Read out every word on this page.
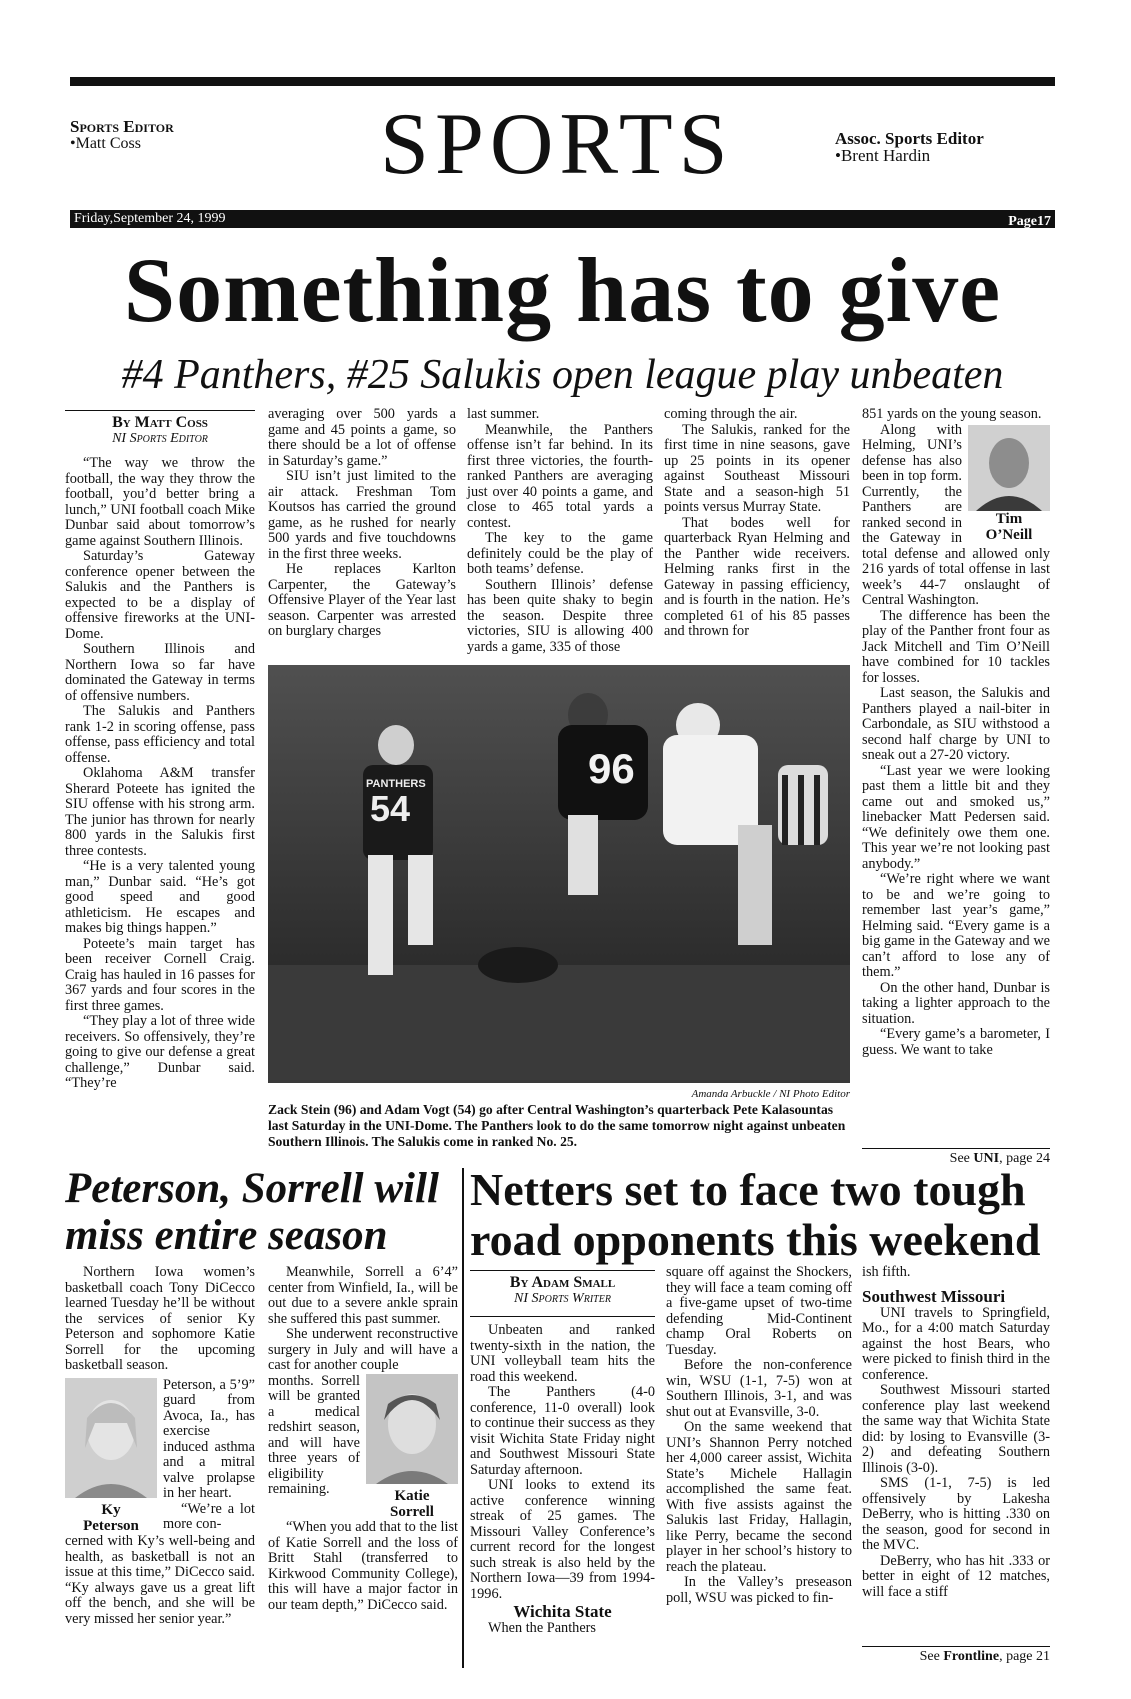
Sports Editor
•Matt Coss	SPORTS	Assoc. Sports Editor
•Brent Hardin
Friday,September 24, 1999	Page17
Something has to give
#4 Panthers, #25 Salukis open league play unbeaten
By Matt Coss
NI Sports Editor

“The way we throw the football, the way they throw the football, you’d better bring a lunch,” UNI football coach Mike Dunbar said about tomorrow’s game against Southern Illinois.

Saturday’s Gateway conference opener between the Salukis and the Panthers is expected to be a display of offensive fireworks at the UNI-Dome.

Southern Illinois and Northern Iowa so far have dominated the Gateway in terms of offensive numbers.

The Salukis and Panthers rank 1-2 in scoring offense, pass offense, pass efficiency and total offense.

Oklahoma A&M transfer Sherard Poteete has ignited the SIU offense with his strong arm. The junior has thrown for nearly 800 yards in the Salukis first three contests.

“He is a very talented young man,” Dunbar said. “He’s got good speed and good athleticism. He escapes and makes big things happen.”

Poteete’s main target has been receiver Cornell Craig. Craig has hauled in 16 passes for 367 yards and four scores in the first three games.

“They play a lot of three wide receivers. So offensively, they’re going to give our defense a great challenge,” Dunbar said. “They’re

averaging over 500 yards a game and 45 points a game, so there should be a lot of offense in Saturday’s game.”

SIU isn’t just limited to the air attack. Freshman Tom Koutsos has carried the ground game, as he rushed for nearly 500 yards and five touchdowns in the first three weeks.

He replaces Karlton Carpenter, the Gateway’s Offensive Player of the Year last season. Carpenter was arrested on burglary charges

last summer.

Meanwhile, the Panthers offense isn’t far behind. In its first three victories, the fourth-ranked Panthers are averaging just over 40 points a game, and close to 465 total yards a contest.

The key to the game definitely could be the play of both teams’ defense.

Southern Illinois’ defense has been quite shaky to begin the season. Despite three victories, SIU is allowing 400 yards a game, 335 of those

coming through the air.

The Salukis, ranked for the first time in nine seasons, gave up 25 points in its opener against Southeast Missouri State and a season-high 51 points versus Murray State.

That bodes well for quarterback Ryan Helming and the Panther wide receivers. Helming ranks first in the Gateway in passing efficiency, and is fourth in the nation. He’s completed 61 of his 85 passes and thrown for

851 yards on the young season.

Tim
O’Neill

Along with Helming, UNI’s defense has also been in top form. Currently, the Panthers are ranked second in the Gateway in total defense and allowed only 216 yards of total offense in last week’s 44-7 onslaught of Central Washington.

The difference has been the play of the Panther front four as Jack Mitchell and Tim O’Neill have combined for 10 tackles for losses.

Last season, the Salukis and Panthers played a nail-biter in Carbondale, as SIU withstood a second half charge by UNI to sneak out a 27-20 victory.

“Last year we were looking past them a little bit and they came out and smoked us,” linebacker Matt Pedersen said. “We definitely owe them one. This year we’re not looking past anybody.”

“We’re right where we want to be and we’re going to remember last year’s game,” Helming said. “Every game is a big game in the Gateway and we can’t afford to lose any of them.”

On the other hand, Dunbar is taking a lighter approach to the situation.

“Every game’s a barometer, I guess. We want to take

54
PANTHERS	96
Amanda Arbuckle / NI Photo Editor
Zack Stein (96) and Adam Vogt (54) go after Central Washington’s quarterback Pete Kalasountas last Saturday in the UNI-Dome. The Panthers look to do the same tomorrow night against unbeaten Southern Illinois. The Salukis come in ranked No. 25.
See UNI, page 24
Peterson, Sorrell will
miss entire season

Northern Iowa women’s basketball coach Tony DiCecco learned Tuesday he’ll be without the services of senior Ky Peterson and sophomore Katie Sorrell for the upcoming basketball season.

Ky
Peterson

Peterson, a 5’9” guard from Avoca, Ia., has exercise induced asthma and a mitral valve prolapse in her heart.

“We’re a lot more con-

cerned with Ky’s well-being and health, as basketball is not an issue at this time,” DiCecco said. “Ky always gave us a great lift off the bench, and she will be very missed her senior year.”

Meanwhile, Sorrell a 6’4” center from Winfield, Ia., will be out due to a severe ankle sprain she suffered this past summer.

She underwent reconstructive surgery in July and will have a cast for another couple

Katie
Sorrell

months. Sorrell will be granted a medical redshirt season, and will have three years of eligibility remaining.

“When you add that to the list of Katie Sorrell and the loss of Britt Stahl (transferred to Kirkwood Community College), this will have a major factor in our team depth,” DiCecco said.

Netters set to face two tough
road opponents this weekend
By Adam Small
NI Sports Writer

Unbeaten and ranked twenty-sixth in the nation, the UNI volleyball team hits the road this weekend.

The Panthers (4-0 conference, 11-0 overall) look to continue their success as they visit Wichita State Friday night and Southwest Missouri State Saturday afternoon.

UNI looks to extend its active conference winning streak of 25 games. The Missouri Valley Conference’s current record for the longest such streak is also held by the Northern Iowa—39 from 1994-1996.

Wichita State

When the Panthers

square off against the Shockers, they will face a team coming off a five-game upset of two-time defending Mid-Continent champ Oral Roberts on Tuesday.

Before the non-conference win, WSU (1-1, 7-5) won at Southern Illinois, 3-1, and was shut out at Evansville, 3-0.

On the same weekend that UNI’s Shannon Perry notched her 4,000 career assist, Wichita State’s Michele Hallagin accomplished the same feat. With five assists against the Salukis last Friday, Hallagin, like Perry, became the second player in her school’s history to reach the plateau.

In the Valley’s preseason poll, WSU was picked to fin-

ish fifth.

Southwest Missouri

UNI travels to Springfield, Mo., for a 4:00 match Saturday against the host Bears, who were picked to finish third in the conference.

Southwest Missouri started conference play last weekend the same way that Wichita State did: by losing to Evansville (3-2) and defeating Southern Illinois (3-0).

SMS (1-1, 7-5) is led offensively by Lakesha DeBerry, who is hitting .330 on the season, good for second in the MVC.

DeBerry, who has hit .333 or better in eight of 12 matches, will face a stiff

See Frontline, page 21
